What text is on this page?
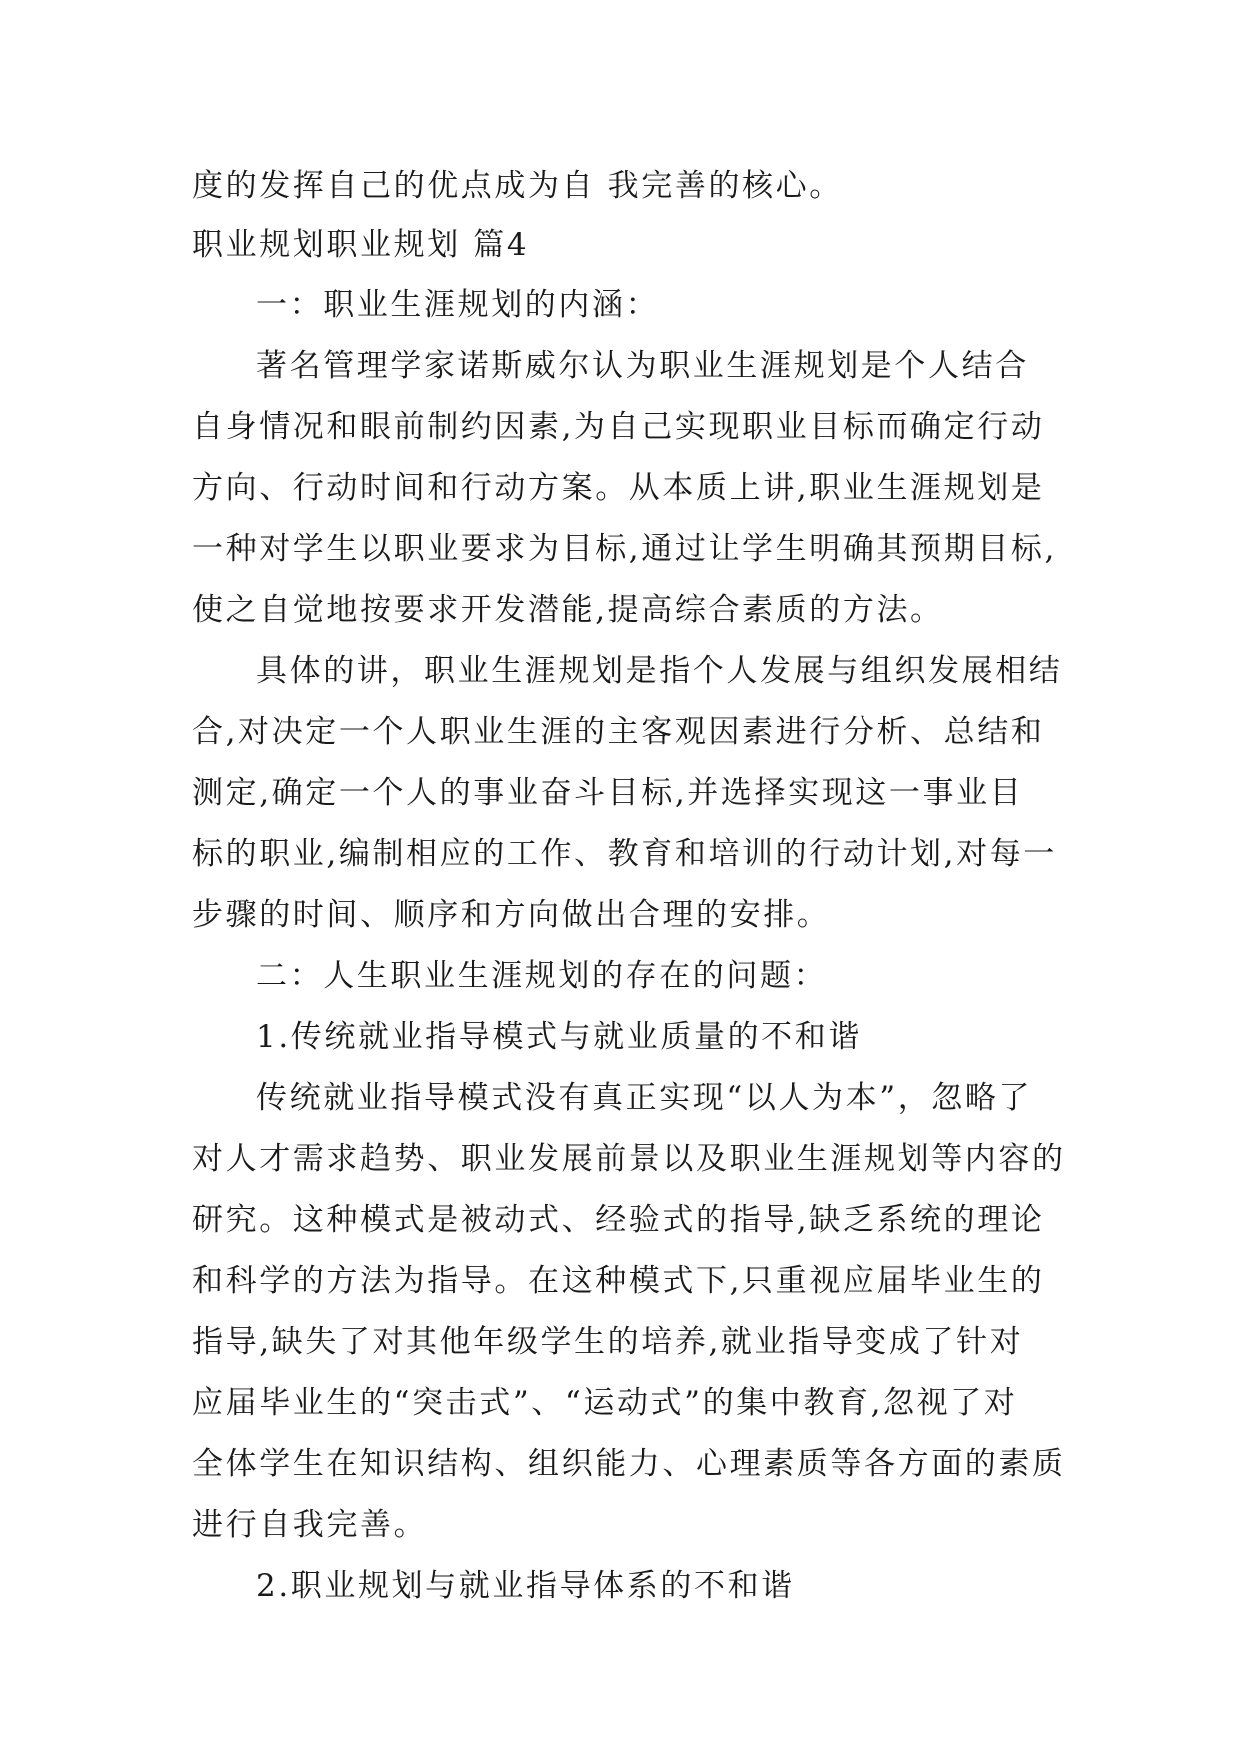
度的发挥自己的优点成为自 我完善的核心。
职业规划职业规划 篇4
一：职业生涯规划的内涵：
著名管理学家诺斯威尔认为职业生涯规划是个人结合
自身情况和眼前制约因素,为自己实现职业目标而确定行动
方向、行动时间和行动方案。从本质上讲,职业生涯规划是
一种对学生以职业要求为目标,通过让学生明确其预期目标,
使之自觉地按要求开发潜能,提高综合素质的方法。
具体的讲，职业生涯规划是指个人发展与组织发展相结
合,对决定一个人职业生涯的主客观因素进行分析、总结和
测定,确定一个人的事业奋斗目标,并选择实现这一事业目
标的职业,编制相应的工作、教育和培训的行动计划,对每一
步骤的时间、顺序和方向做出合理的安排。
二：人生职业生涯规划的存在的问题：
1.传统就业指导模式与就业质量的不和谐
传统就业指导模式没有真正实现“以人为本”，忽略了
对人才需求趋势、职业发展前景以及职业生涯规划等内容的
研究。这种模式是被动式、经验式的指导,缺乏系统的理论
和科学的方法为指导。在这种模式下,只重视应届毕业生的
指导,缺失了对其他年级学生的培养,就业指导变成了针对
应届毕业生的“突击式”、“运动式”的集中教育,忽视了对
全体学生在知识结构、组织能力、心理素质等各方面的素质
进行自我完善。
2.职业规划与就业指导体系的不和谐
